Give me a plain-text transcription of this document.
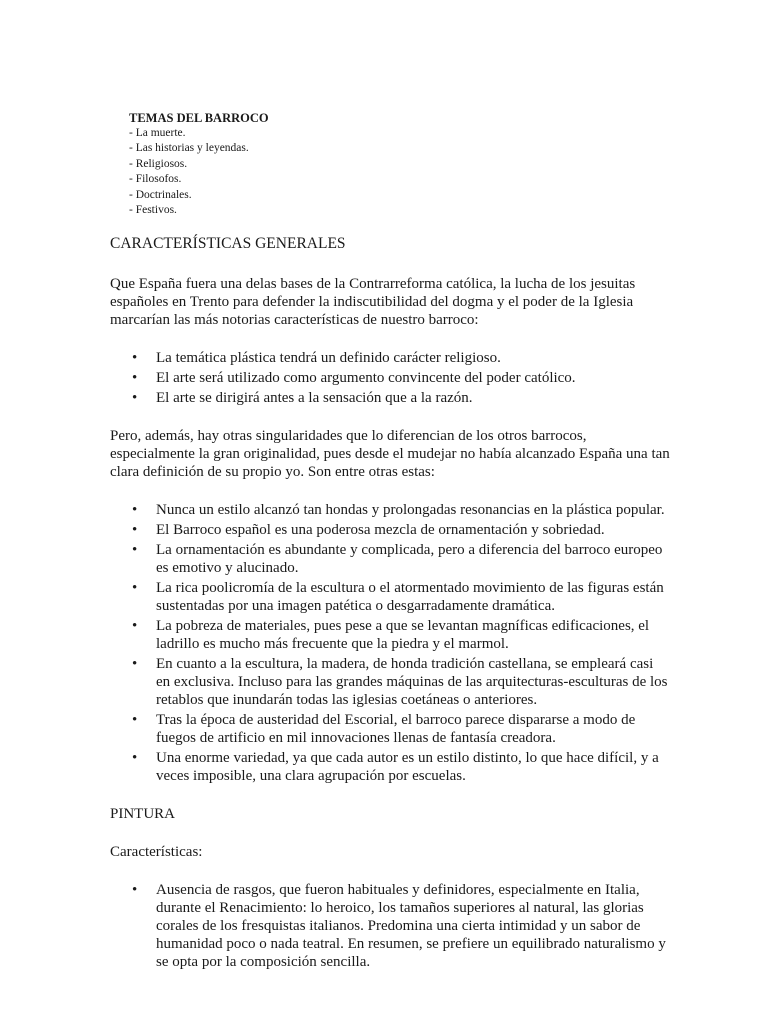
TEMAS DEL BARROCO

- La muerte.

- Las historias y leyendas.

- Religiosos.

- Filosofos.

- Doctrinales.

- Festivos.

CARACTERÍSTICAS GENERALES

Que España fuera una delas bases de la Contrarreforma católica, la lucha de los jesuitas españoles en Trento para defender la indiscutibilidad del dogma y el poder de la Iglesia marcarían las más notorias características de nuestro barroco:

• La temática plástica tendrá un definido carácter religioso.
• El arte será utilizado como argumento convincente del poder católico.
• El arte se dirigirá antes a la sensación que a la razón.

Pero, además, hay otras singularidades que lo diferencian de los otros barrocos, especialmente la gran originalidad, pues desde el mudejar no había alcanzado España una tan clara definición de su propio yo. Son entre otras estas:

• Nunca un estilo alcanzó tan hondas y prolongadas resonancias en la plástica popular.
• El Barroco español es una poderosa mezcla de ornamentación y sobriedad.
• La ornamentación es abundante y complicada, pero a diferencia del barroco europeo es emotivo y alucinado.
• La rica poolicromía de la escultura o el atormentado movimiento de las figuras están sustentadas por una imagen patética o desgarradamente dramática.
• La pobreza de materiales, pues pese a que se levantan magníficas edificaciones, el ladrillo es mucho más frecuente que la piedra y el marmol.
• En cuanto a la escultura, la madera, de honda tradición castellana, se empleará casi en exclusiva. Incluso para las grandes máquinas de las arquitecturas-esculturas de los retablos que inundarán todas las iglesias coetáneas o anteriores.
• Tras la época de austeridad del Escorial, el barroco parece dispararse a modo de fuegos de artificio en mil innovaciones llenas de fantasía creadora.
• Una enorme variedad, ya que cada autor es un estilo distinto, lo que hace difícil, y a veces imposible, una clara agrupación por escuelas.

PINTURA

Características:

• Ausencia de rasgos, que fueron habituales y definidores, especialmente en Italia, durante el Renacimiento: lo heroico, los tamaños superiores al natural, las glorias corales de los fresquistas italianos. Predomina una cierta intimidad y un sabor de humanidad poco o nada teatral. En resumen, se prefiere un equilibrado naturalismo y se opta por la composición sencilla.
